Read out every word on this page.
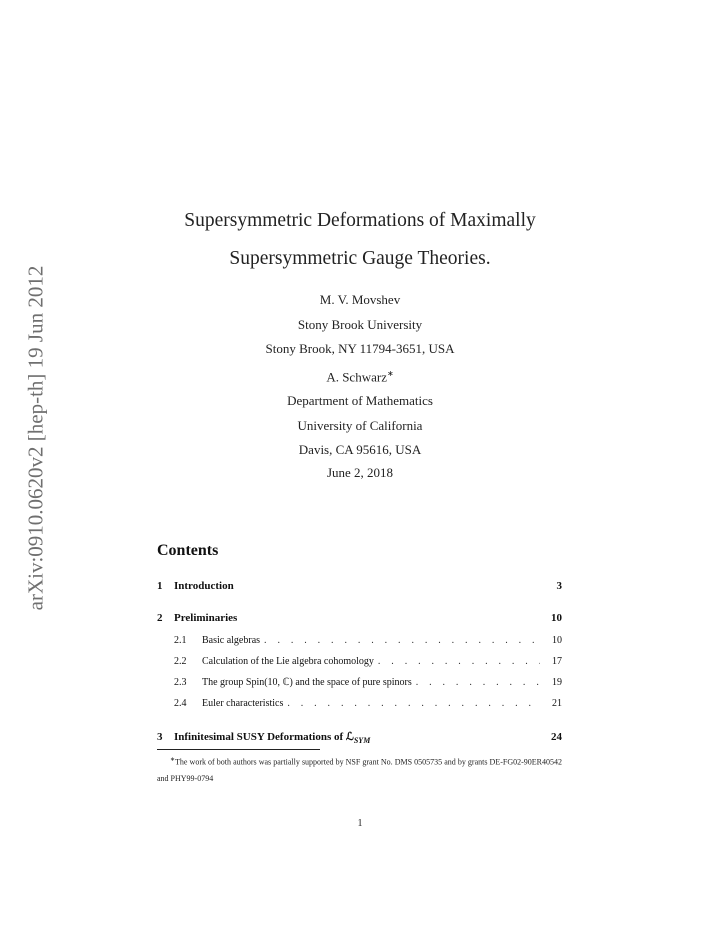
arXiv:0910.0620v2 [hep-th] 19 Jun 2012
Supersymmetric Deformations of Maximally
Supersymmetric Gauge Theories.
M. V. Movshev
Stony Brook University
Stony Brook, NY 11794-3651, USA
A. Schwarz∗
Department of Mathematics
University of California
Davis, CA 95616, USA
June 2, 2018
Contents
1	Introduction	3
2	Preliminaries	10
2.1	Basic algebras . . .	10
2.2	Calculation of the Lie algebra cohomology . . .	17
2.3	The group Spin(10, ℂ) and the space of pure spinors . . .	19
2.4	Euler characteristics . . .	21
3	Infinitesimal SUSY Deformations of ℒ$_{SYM}$	24
∗The work of both authors was partially supported by NSF grant No. DMS 0505735 and by grants DE-FG02-90ER40542 and PHY99-0794
1
